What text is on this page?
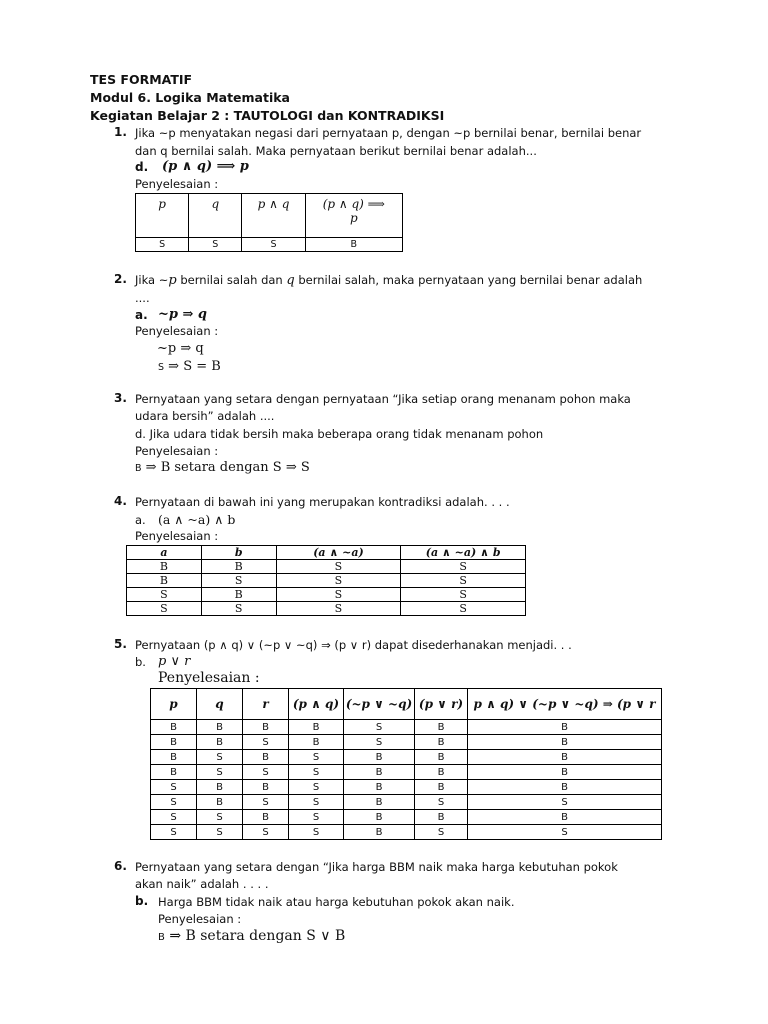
TES FORMATIF
Modul 6. Logika Matematika
Kegiatan Belajar 2 : TAUTOLOGI dan KONTRADIKSI
1. Jika ~p menyatakan negasi dari pernyataan p, dengan ~p bernilai benar, bernilai benar
dan q bernilai salah. Maka pernyataan berikut bernilai benar adalah...
d. (p ∧ q) ⟹ p
Penyelesaian :
p	q	p ∧ q	(p ∧ q) ⟹
p
S	S	S	B
2. Jika ~p bernilai salah dan q bernilai salah, maka pernyataan yang bernilai benar adalah
....
a. ~p ⇒ q
Penyelesaian :
~p ⇒ q
S ⇒ S = B
3. Pernyataan yang setara dengan pernyataan “Jika setiap orang menanam pohon maka
udara bersih” adalah ....
d. Jika udara tidak bersih maka beberapa orang tidak menanam pohon
Penyelesaian :
B ⇒ B setara dengan S ⇒ S
4. Pernyataan di bawah ini yang merupakan kontradiksi adalah. . . .
a. (a ∧ ~a) ∧ b
Penyelesaian :
a	b	(a ∧ ~a)	(a ∧ ~a) ∧ b
B	B	S	S
B	S	S	S
S	B	S	S
S	S	S	S
5. Pernyataan (p ∧ q) ∨ (~p ∨ ~q) ⇒ (p ∨ r) dapat disederhanakan menjadi. . .
b. p ∨ r
Penyelesaian :
p	q	r	(p ∧ q)	(~p ∨ ~q)	(p ∨ r)	p ∧ q) ∨ (~p ∨ ~q) ⇒ (p ∨ r
B	B	B	B	S	B	B
B	B	S	B	S	B	B
B	S	B	S	B	B	B
B	S	S	S	B	B	B
S	B	B	S	B	B	B
S	B	S	S	B	S	S
S	S	B	S	B	B	B
S	S	S	S	B	S	S
6. Pernyataan yang setara dengan “Jika harga BBM naik maka harga kebutuhan pokok
akan naik” adalah . . . .
b. Harga BBM tidak naik atau harga kebutuhan pokok akan naik.
Penyelesaian :
B ⇒ B setara dengan S ∨ B
